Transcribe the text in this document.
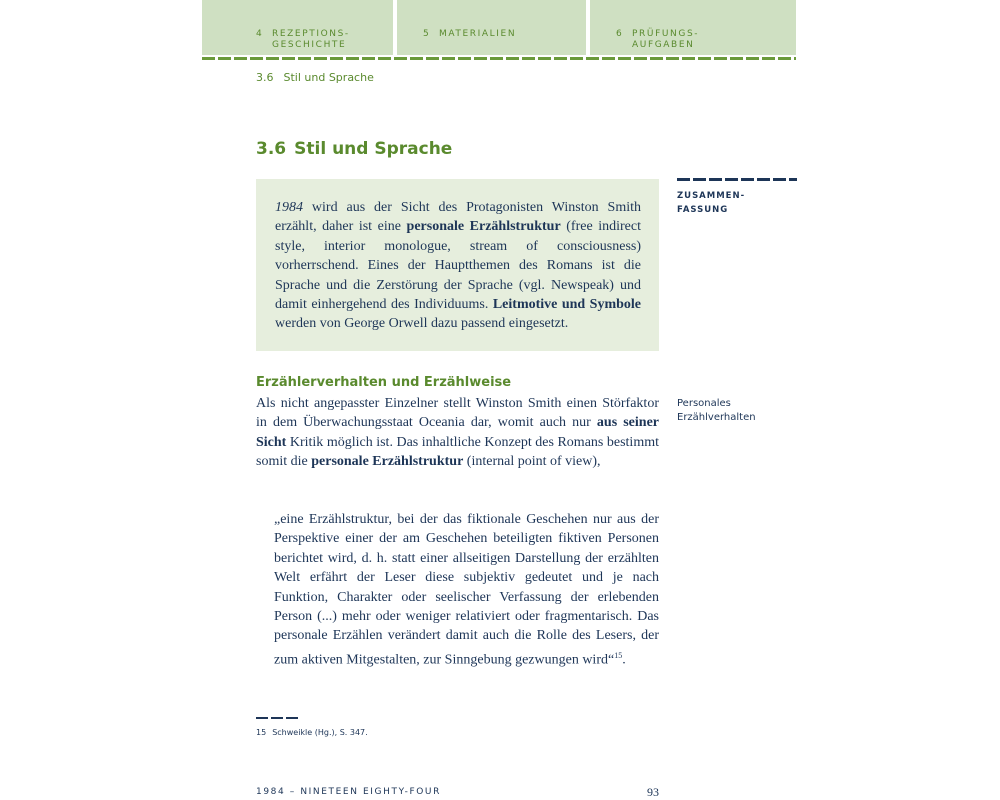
4 REZEPTIONS-
GESCHICHTE
5 MATERIALIEN	6 PRÜFUNGS-
AUFGABEN
3.6 Stil und Sprache
3.6 Stil und Sprache

1984 wird aus der Sicht des Protagonisten Winston Smith erzählt, daher ist eine personale Erzählstruktur (free indirect style, interior monologue, stream of consciousness) vorherrschend. Eines der Hauptthemen des Romans ist die Sprache und die Zerstörung der Sprache (vgl. Newspeak) und damit einhergehend des Individuums. Leitmotive und Symbole werden von George Orwell dazu passend eingesetzt.

ZUSAMMEN-
FASSUNG
Erzählerverhalten und Erzählweise
Personales
Erzählverhalten

Als nicht angepasster Einzelner stellt Winston Smith einen Störfaktor in dem Überwachungsstaat Oceania dar, womit auch nur aus seiner Sicht Kritik möglich ist. Das inhaltliche Konzept des Romans bestimmt somit die personale Erzählstruktur (internal point of view),

„eine Erzählstruktur, bei der das fiktionale Geschehen nur aus der Perspektive einer der am Geschehen beteiligten fiktiven Personen berichtet wird, d. h. statt einer allseitigen Darstellung der erzählten Welt erfährt der Leser diese subjektiv gedeutet und je nach Funktion, Charakter oder seelischer Verfassung der erlebenden Person (...) mehr oder weniger relativiert oder fragmentarisch. Das personale Erzählen verändert damit auch die Rolle des Lesers, der zum aktiven Mitgestalten, zur Sinngebung gezwungen wird“$^{15}$.

15 Schweikle (Hg.), S. 347.
1984 – NINETEEN EIGHTY-FOUR	93
